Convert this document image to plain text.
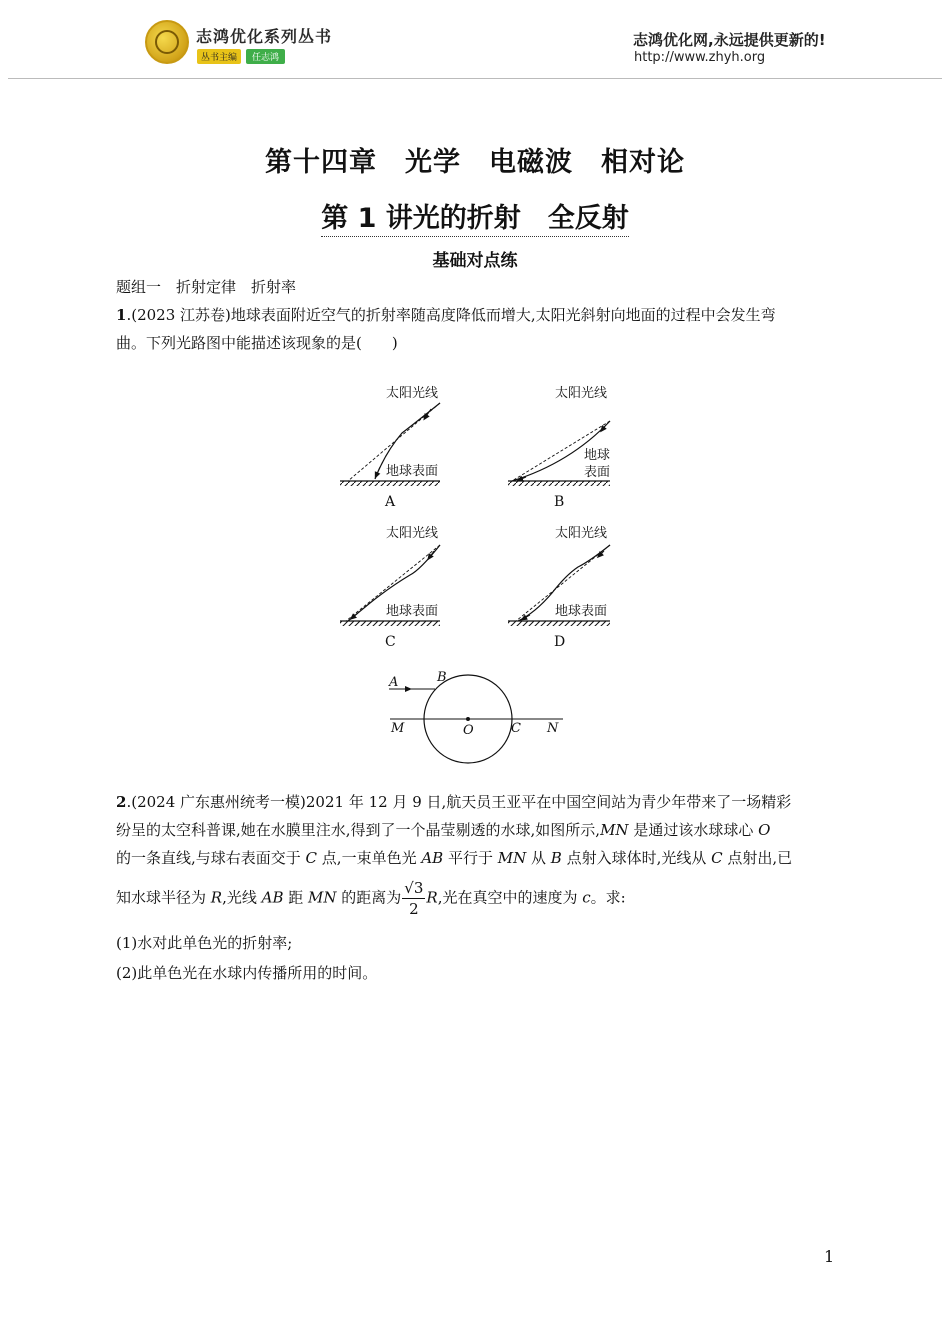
志鸿优化系列丛书
丛书主编	任志鸿
志鸿优化网,永远提供更新的!
http://www.zhyh.org
第十四章　光学　电磁波　相对论
第 1 讲光的折射　全反射
基础对点练
题组一　折射定律　折射率
1.(2023 江苏卷)地球表面附近空气的折射率随高度降低而增大,太阳光斜射向地面的过程中会发生弯
曲。下列光路图中能描述该现象的是(　　)
太阳光线
地球表面
A
太阳光线
地球
表面
B
太阳光线
地球表面
C
太阳光线
地球表面
D
A	B
M	O	C N
2.(2024 广东惠州统考一模)2021 年 12 月 9 日,航天员王亚平在中国空间站为青少年带来了一场精彩
纷呈的太空科普课,她在水膜里注水,得到了一个晶莹剔透的水球,如图所示,MN 是通过该水球球心 O
的一条直线,与球右表面交于 C 点,一束单色光 AB 平行于 MN 从 B 点射入球体时,光线从 C 点射出,已
知水球半径为 R,光线 AB 距 MN 的距离为 $\frac{√3}{2} R$,光在真空中的速度为 c。求:
(1)水对此单色光的折射率;
(2)此单色光在水球内传播所用的时间。
1
